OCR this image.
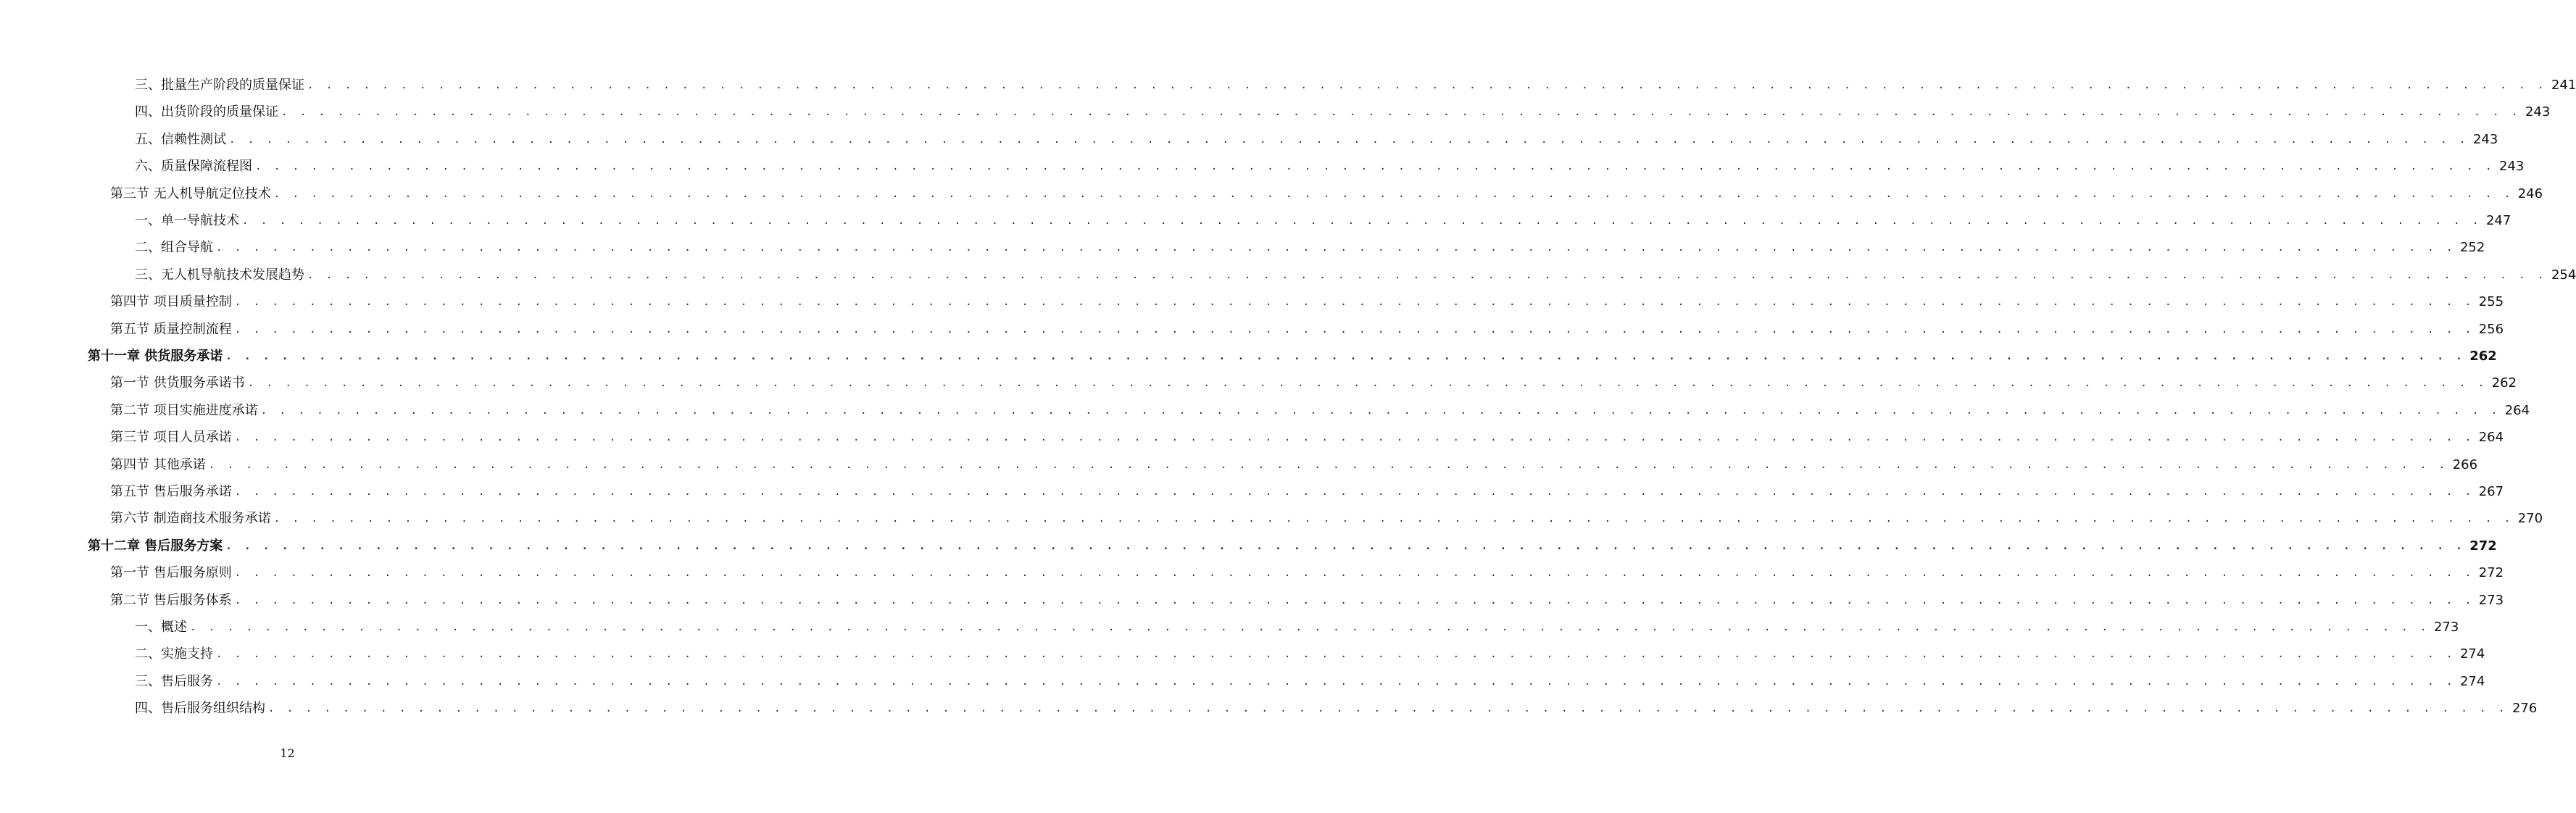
三、批量生产阶段的质量保证 . . . . . . . . . . . . . . . . . . . . . . . . . . . . . . . . . . . . . . . . . . . . . . . . . . . . . . . . . . . . . . . . . . . . . . . . . . . . . . . . . . . . . . . . . . . . . . . . . . . . . . . . . . . . . . . . . . . . . . . . 241
四、出货阶段的质量保证 . . . . . . . . . . . . . . . . . . . . . . . . . . . . . . . . . . . . . . . . . . . . . . . . . . . . . . . . . . . . . . . . . . . . . . . . . . . . . . . . . . . . . . . . . . . . . . . . . . . . . . . . . . . . . . . . . . . . . . . . 243
五、信赖性测试 . . . . . . . . . . . . . . . . . . . . . . . . . . . . . . . . . . . . . . . . . . . . . . . . . . . . . . . . . . . . . . . . . . . . . . . . . . . . . . . . . . . . . . . . . . . . . . . . . . . . . . . . . . . . . . . . . . . . . . . . 243
六、质量保障流程图 . . . . . . . . . . . . . . . . . . . . . . . . . . . . . . . . . . . . . . . . . . . . . . . . . . . . . . . . . . . . . . . . . . . . . . . . . . . . . . . . . . . . . . . . . . . . . . . . . . . . . . . . . . . . . . . . . . . . . . . . 243
第三节 无人机导航定位技术 . . . . . . . . . . . . . . . . . . . . . . . . . . . . . . . . . . . . . . . . . . . . . . . . . . . . . . . . . . . . . . . . . . . . . . . . . . . . . . . . . . . . . . . . . . . . . . . . . . . . . . . . . . . . . . . . . . . . . . . . 246
一、单一导航技术 . . . . . . . . . . . . . . . . . . . . . . . . . . . . . . . . . . . . . . . . . . . . . . . . . . . . . . . . . . . . . . . . . . . . . . . . . . . . . . . . . . . . . . . . . . . . . . . . . . . . . . . . . . . . . . . . . . . . . . . . 247
二、组合导航 . . . . . . . . . . . . . . . . . . . . . . . . . . . . . . . . . . . . . . . . . . . . . . . . . . . . . . . . . . . . . . . . . . . . . . . . . . . . . . . . . . . . . . . . . . . . . . . . . . . . . . . . . . . . . . . . . . . . . . . . 252
三、无人机导航技术发展趋势 . . . . . . . . . . . . . . . . . . . . . . . . . . . . . . . . . . . . . . . . . . . . . . . . . . . . . . . . . . . . . . . . . . . . . . . . . . . . . . . . . . . . . . . . . . . . . . . . . . . . . . . . . . . . . . . . . . . . . . . . 254
第四节 项目质量控制 . . . . . . . . . . . . . . . . . . . . . . . . . . . . . . . . . . . . . . . . . . . . . . . . . . . . . . . . . . . . . . . . . . . . . . . . . . . . . . . . . . . . . . . . . . . . . . . . . . . . . . . . . . . . . . . . . . . . . . . . 255
第五节 质量控制流程 . . . . . . . . . . . . . . . . . . . . . . . . . . . . . . . . . . . . . . . . . . . . . . . . . . . . . . . . . . . . . . . . . . . . . . . . . . . . . . . . . . . . . . . . . . . . . . . . . . . . . . . . . . . . . . . . . . . . . . . . 256
第十一章 供货服务承诺 . . . . . . . . . . . . . . . . . . . . . . . . . . . . . . . . . . . . . . . . . . . . . . . . . . . . . . . . . . . . . . . . . . . . . . . . . . . . . . . . . . . . . . . . . . . . . . . . . . . . . . . . . . . . . . . . . . . . . . . . 262
第一节 供货服务承诺书 . . . . . . . . . . . . . . . . . . . . . . . . . . . . . . . . . . . . . . . . . . . . . . . . . . . . . . . . . . . . . . . . . . . . . . . . . . . . . . . . . . . . . . . . . . . . . . . . . . . . . . . . . . . . . . . . . . . . . . . . 262
第二节 项目实施进度承诺 . . . . . . . . . . . . . . . . . . . . . . . . . . . . . . . . . . . . . . . . . . . . . . . . . . . . . . . . . . . . . . . . . . . . . . . . . . . . . . . . . . . . . . . . . . . . . . . . . . . . . . . . . . . . . . . . . . . . . . . . 264
第三节 项目人员承诺 . . . . . . . . . . . . . . . . . . . . . . . . . . . . . . . . . . . . . . . . . . . . . . . . . . . . . . . . . . . . . . . . . . . . . . . . . . . . . . . . . . . . . . . . . . . . . . . . . . . . . . . . . . . . . . . . . . . . . . . . 264
第四节 其他承诺 . . . . . . . . . . . . . . . . . . . . . . . . . . . . . . . . . . . . . . . . . . . . . . . . . . . . . . . . . . . . . . . . . . . . . . . . . . . . . . . . . . . . . . . . . . . . . . . . . . . . . . . . . . . . . . . . . . . . . . . . 266
第五节 售后服务承诺 . . . . . . . . . . . . . . . . . . . . . . . . . . . . . . . . . . . . . . . . . . . . . . . . . . . . . . . . . . . . . . . . . . . . . . . . . . . . . . . . . . . . . . . . . . . . . . . . . . . . . . . . . . . . . . . . . . . . . . . . 267
第六节 制造商技术服务承诺 . . . . . . . . . . . . . . . . . . . . . . . . . . . . . . . . . . . . . . . . . . . . . . . . . . . . . . . . . . . . . . . . . . . . . . . . . . . . . . . . . . . . . . . . . . . . . . . . . . . . . . . . . . . . . . . . . . . . . . . . 270
第十二章 售后服务方案 . . . . . . . . . . . . . . . . . . . . . . . . . . . . . . . . . . . . . . . . . . . . . . . . . . . . . . . . . . . . . . . . . . . . . . . . . . . . . . . . . . . . . . . . . . . . . . . . . . . . . . . . . . . . . . . . . . . . . . . . 272
第一节 售后服务原则 . . . . . . . . . . . . . . . . . . . . . . . . . . . . . . . . . . . . . . . . . . . . . . . . . . . . . . . . . . . . . . . . . . . . . . . . . . . . . . . . . . . . . . . . . . . . . . . . . . . . . . . . . . . . . . . . . . . . . . . . 272
第二节 售后服务体系 . . . . . . . . . . . . . . . . . . . . . . . . . . . . . . . . . . . . . . . . . . . . . . . . . . . . . . . . . . . . . . . . . . . . . . . . . . . . . . . . . . . . . . . . . . . . . . . . . . . . . . . . . . . . . . . . . . . . . . . . 273
一、概述 . . . . . . . . . . . . . . . . . . . . . . . . . . . . . . . . . . . . . . . . . . . . . . . . . . . . . . . . . . . . . . . . . . . . . . . . . . . . . . . . . . . . . . . . . . . . . . . . . . . . . . . . . . . . . . . . . . . . . . . . 273
二、实施支持 . . . . . . . . . . . . . . . . . . . . . . . . . . . . . . . . . . . . . . . . . . . . . . . . . . . . . . . . . . . . . . . . . . . . . . . . . . . . . . . . . . . . . . . . . . . . . . . . . . . . . . . . . . . . . . . . . . . . . . . . 274
三、售后服务 . . . . . . . . . . . . . . . . . . . . . . . . . . . . . . . . . . . . . . . . . . . . . . . . . . . . . . . . . . . . . . . . . . . . . . . . . . . . . . . . . . . . . . . . . . . . . . . . . . . . . . . . . . . . . . . . . . . . . . . . 274
四、售后服务组织结构 . . . . . . . . . . . . . . . . . . . . . . . . . . . . . . . . . . . . . . . . . . . . . . . . . . . . . . . . . . . . . . . . . . . . . . . . . . . . . . . . . . . . . . . . . . . . . . . . . . . . . . . . . . . . . . . . . . . . . . . . 276
12
